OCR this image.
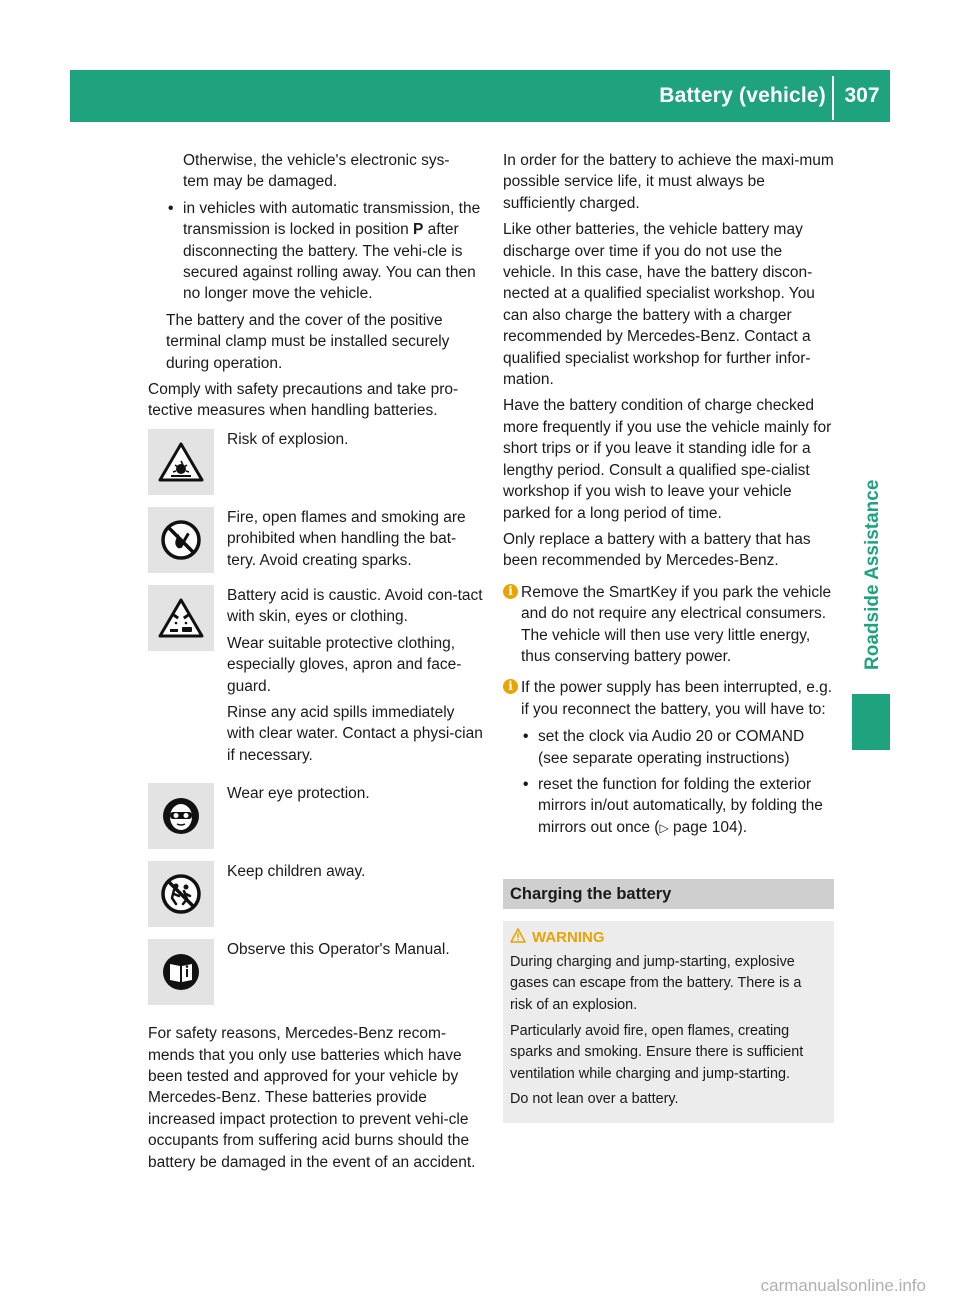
Battery (vehicle) 307
Roadside Assistance

Otherwise, the vehicle's electronic sys-
tem may be damaged.

• in vehicles with automatic transmission, the transmission is locked in position P after disconnecting the battery. The vehi-cle is secured against rolling away. You can then no longer move the vehicle.

The battery and the cover of the positive terminal clamp must be installed securely during operation.

Comply with safety precautions and take pro-tective measures when handling batteries.

Risk of explosion.
Fire, open flames and smoking are prohibited when handling the bat-tery. Avoid creating sparks.

Battery acid is caustic. Avoid con-tact with skin, eyes or clothing.

Wear suitable protective clothing, especially gloves, apron and face-guard.

Rinse any acid spills immediately with clear water. Contact a physi-cian if necessary.

Wear eye protection.
Keep children away.
Observe this Operator's Manual.

For safety reasons, Mercedes-Benz recom-mends that you only use batteries which have been tested and approved for your vehicle by Mercedes-Benz. These batteries provide increased impact protection to prevent vehi-cle occupants from suffering acid burns should the battery be damaged in the event of an accident.

In order for the battery to achieve the maxi-mum possible service life, it must always be sufficiently charged.

Like other batteries, the vehicle battery may discharge over time if you do not use the vehicle. In this case, have the battery discon-nected at a qualified specialist workshop. You can also charge the battery with a charger recommended by Mercedes-Benz. Contact a qualified specialist workshop for further infor-mation.

Have the battery condition of charge checked more frequently if you use the vehicle mainly for short trips or if you leave it standing idle for a lengthy period. Consult a qualified spe-cialist workshop if you wish to leave your vehicle parked for a long period of time.

Only replace a battery with a battery that has been recommended by Mercedes-Benz.

i Remove the SmartKey if you park the vehicle and do not require any electrical consumers. The vehicle will then use very little energy, thus conserving battery power.
i If the power supply has been interrupted, e.g. if you reconnect the battery, you will have to:
• set the clock via Audio 20 or COMAND (see separate operating instructions)
• reset the function for folding the exterior mirrors in/out automatically, by folding the mirrors out once (▷ page 104).
Charging the battery
WARNING

During charging and jump-starting, explosive gases can escape from the battery. There is a risk of an explosion.

Particularly avoid fire, open flames, creating sparks and smoking. Ensure there is sufficient ventilation while charging and jump-starting.

Do not lean over a battery.

carmanualsonline.info
